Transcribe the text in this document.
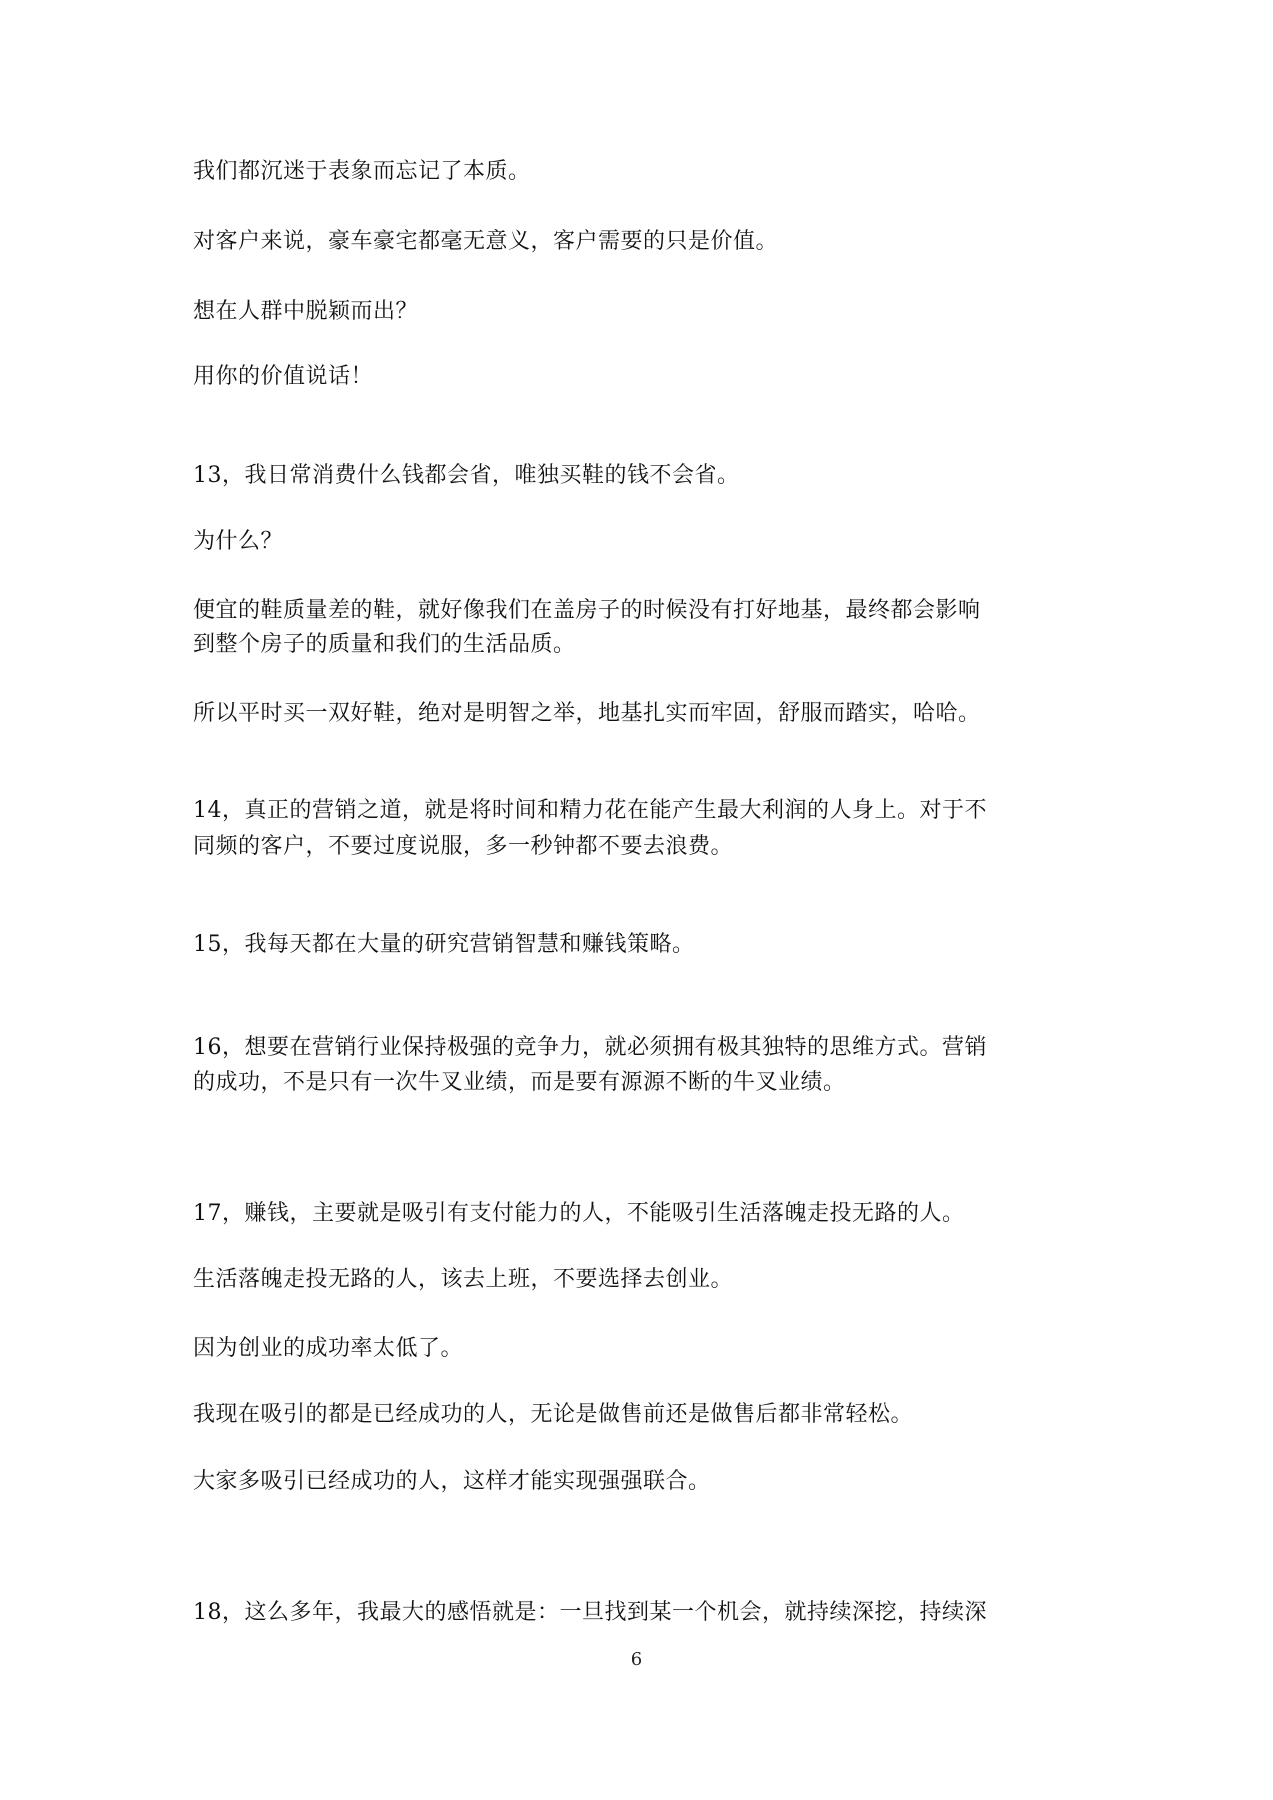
我们都沉迷于表象而忘记了本质。
对客户来说，豪车豪宅都毫无意义，客户需要的只是价值。
想在人群中脱颖而出？
用你的价值说话！
13，我日常消费什么钱都会省，唯独买鞋的钱不会省。
为什么？
便宜的鞋质量差的鞋，就好像我们在盖房子的时候没有打好地基，最终都会影响
到整个房子的质量和我们的生活品质。
所以平时买一双好鞋，绝对是明智之举，地基扎实而牢固，舒服而踏实，哈哈。
14，真正的营销之道，就是将时间和精力花在能产生最大利润的人身上。对于不
同频的客户，不要过度说服，多一秒钟都不要去浪费。
15，我每天都在大量的研究营销智慧和赚钱策略。
16，想要在营销行业保持极强的竞争力，就必须拥有极其独特的思维方式。营销
的成功，不是只有一次牛叉业绩，而是要有源源不断的牛叉业绩。
17，赚钱，主要就是吸引有支付能力的人，不能吸引生活落魄走投无路的人。
生活落魄走投无路的人，该去上班，不要选择去创业。
因为创业的成功率太低了。
我现在吸引的都是已经成功的人，无论是做售前还是做售后都非常轻松。
大家多吸引已经成功的人，这样才能实现强强联合。
18，这么多年，我最大的感悟就是：一旦找到某一个机会，就持续深挖，持续深
6
